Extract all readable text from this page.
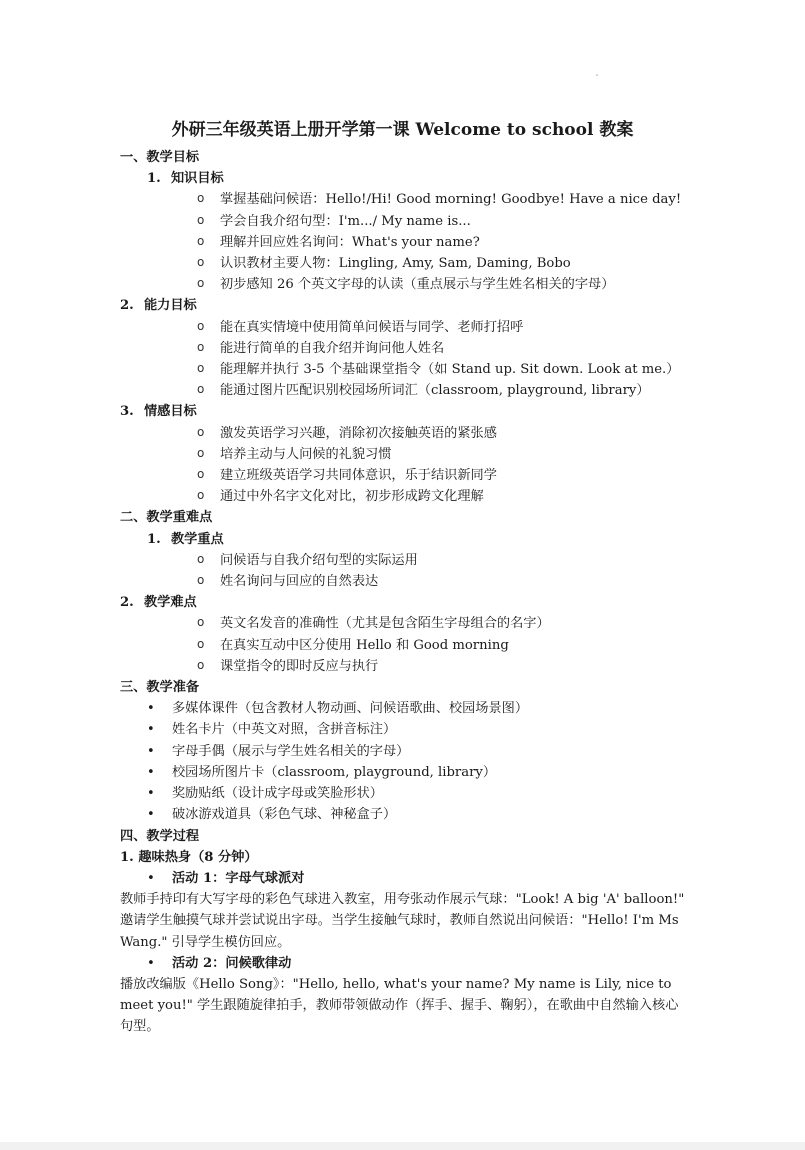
外研三年级英语上册开学第一课 Welcome to school 教案

一、教学目标

1. 知识目标

o 掌握基础问候语：Hello!/Hi! Good morning! Goodbye! Have a nice day!
o 学会自我介绍句型：I'm.../ My name is...
o 理解并回应姓名询问：What's your name?
o 认识教材主要人物：Lingling, Amy, Sam, Daming, Bobo
o 初步感知 26 个英文字母的认读（重点展示与学生姓名相关的字母）

2. 能力目标

o 能在真实情境中使用简单问候语与同学、老师打招呼
o 能进行简单的自我介绍并询问他人姓名
o 能理解并执行 3-5 个基础课堂指令（如 Stand up. Sit down. Look at me.）
o 能通过图片匹配识别校园场所词汇（classroom, playground, library）

3. 情感目标

o 激发英语学习兴趣，消除初次接触英语的紧张感
o 培养主动与人问候的礼貌习惯
o 建立班级英语学习共同体意识，乐于结识新同学
o 通过中外名字文化对比，初步形成跨文化理解

二、教学重难点

1. 教学重点

o 问候语与自我介绍句型的实际运用
o 姓名询问与回应的自然表达

2. 教学难点

o 英文名发音的准确性（尤其是包含陌生字母组合的名字）
o 在真实互动中区分使用 Hello 和 Good morning
o 课堂指令的即时反应与执行

三、教学准备

• 多媒体课件（包含教材人物动画、问候语歌曲、校园场景图）
• 姓名卡片（中英文对照，含拼音标注）
• 字母手偶（展示与学生姓名相关的字母）
• 校园场所图片卡（classroom, playground, library）
• 奖励贴纸（设计成字母或笑脸形状）
• 破冰游戏道具（彩色气球、神秘盒子）

四、教学过程

1. 趣味热身（8 分钟）

• 活动 1：字母气球派对

教师手持印有大写字母的彩色气球进入教室，用夸张动作展示气球："Look! A big 'A' balloon!" 邀请学生触摸气球并尝试说出字母。当学生接触气球时，教师自然说出问候语："Hello! I'm Ms Wang." 引导学生模仿回应。

• 活动 2：问候歌律动

播放改编版《Hello Song》："Hello, hello, what's your name? My name is Lily, nice to meet you!" 学生跟随旋律拍手，教师带领做动作（挥手、握手、鞠躬），在歌曲中自然输入核心句型。
